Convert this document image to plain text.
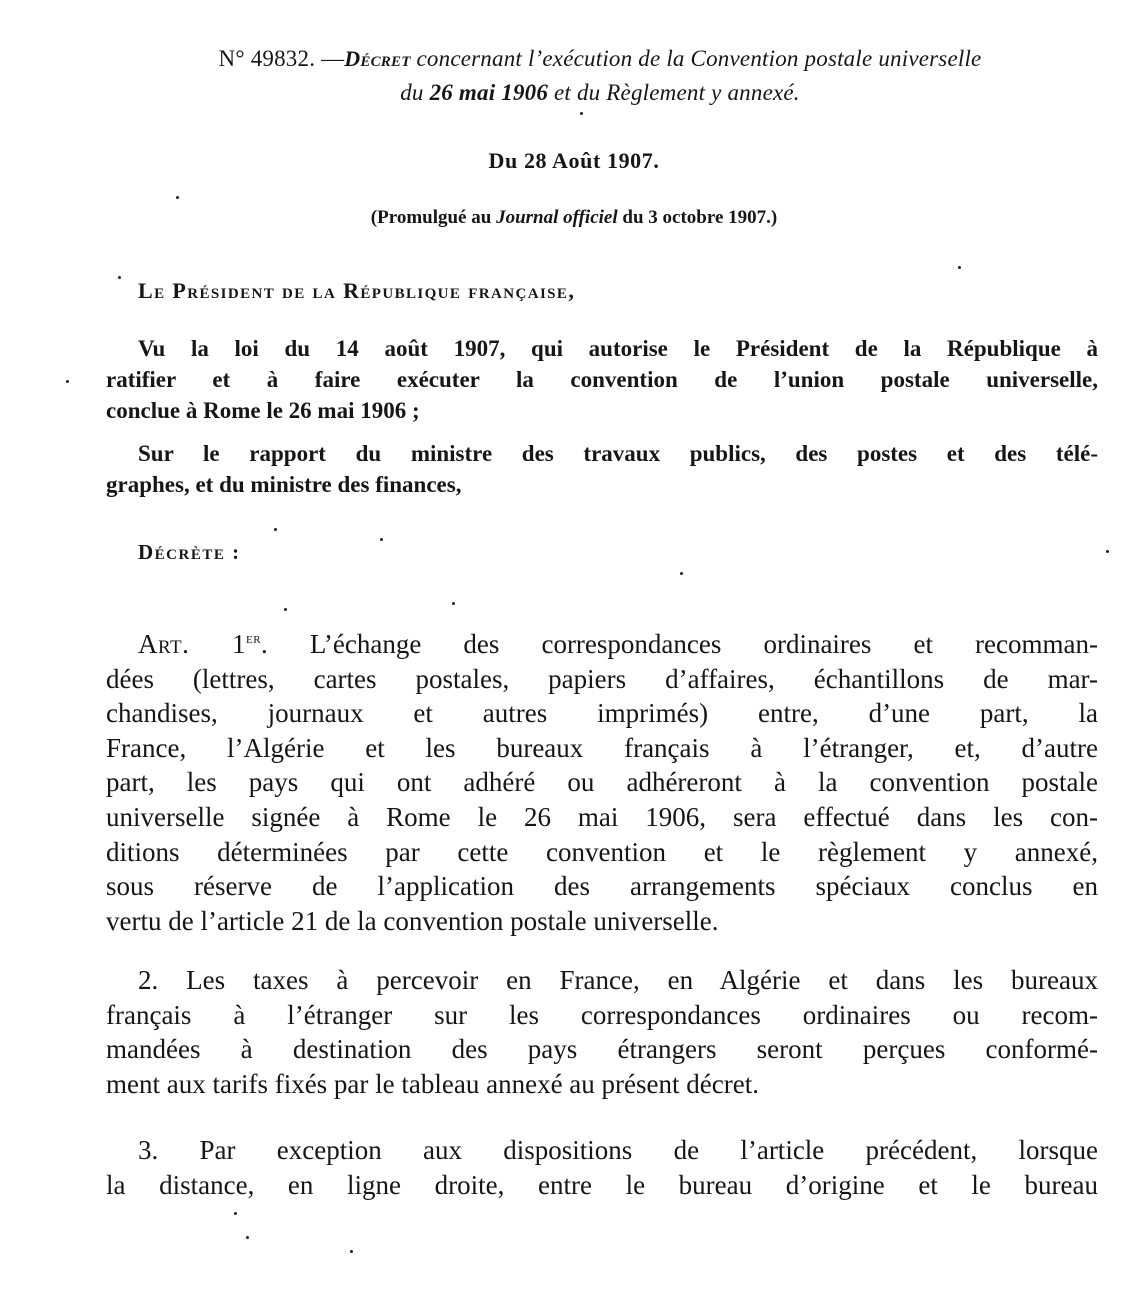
N° 49832. —Décret concernant l’exécution de la Convention postale universelle
du 26 mai 1906 et du Règlement y annexé.
Du 28 Août 1907.
(Promulgué au Journal officiel du 3 octobre 1907.)
Le Président de la République française,
Vu la loi du 14 août 1907, qui autorise le Président de la République à
ratifier et à faire exécuter la convention de l’union postale universelle,
conclue à Rome le 26 mai 1906 ;
Sur le rapport du ministre des travaux publics, des postes et des télé-
graphes, et du ministre des finances,
Décrète :
Art. 1er. L’échange des correspondances ordinaires et recomman-
dées (lettres, cartes postales, papiers d’affaires, échantillons de mar-
chandises, journaux et autres imprimés) entre, d’une part, la
France, l’Algérie et les bureaux français à l’étranger, et, d’autre
part, les pays qui ont adhéré ou adhéreront à la convention postale
universelle signée à Rome le 26 mai 1906, sera effectué dans les con-
ditions déterminées par cette convention et le règlement y annexé,
sous réserve de l’application des arrangements spéciaux conclus en
vertu de l’article 21 de la convention postale universelle.
2. Les taxes à percevoir en France, en Algérie et dans les bureaux
français à l’étranger sur les correspondances ordinaires ou recom-
mandées à destination des pays étrangers seront perçues conformé-
ment aux tarifs fixés par le tableau annexé au présent décret.
3. Par exception aux dispositions de l’article précédent, lorsque
la distance, en ligne droite, entre le bureau d’origine et le bureau
